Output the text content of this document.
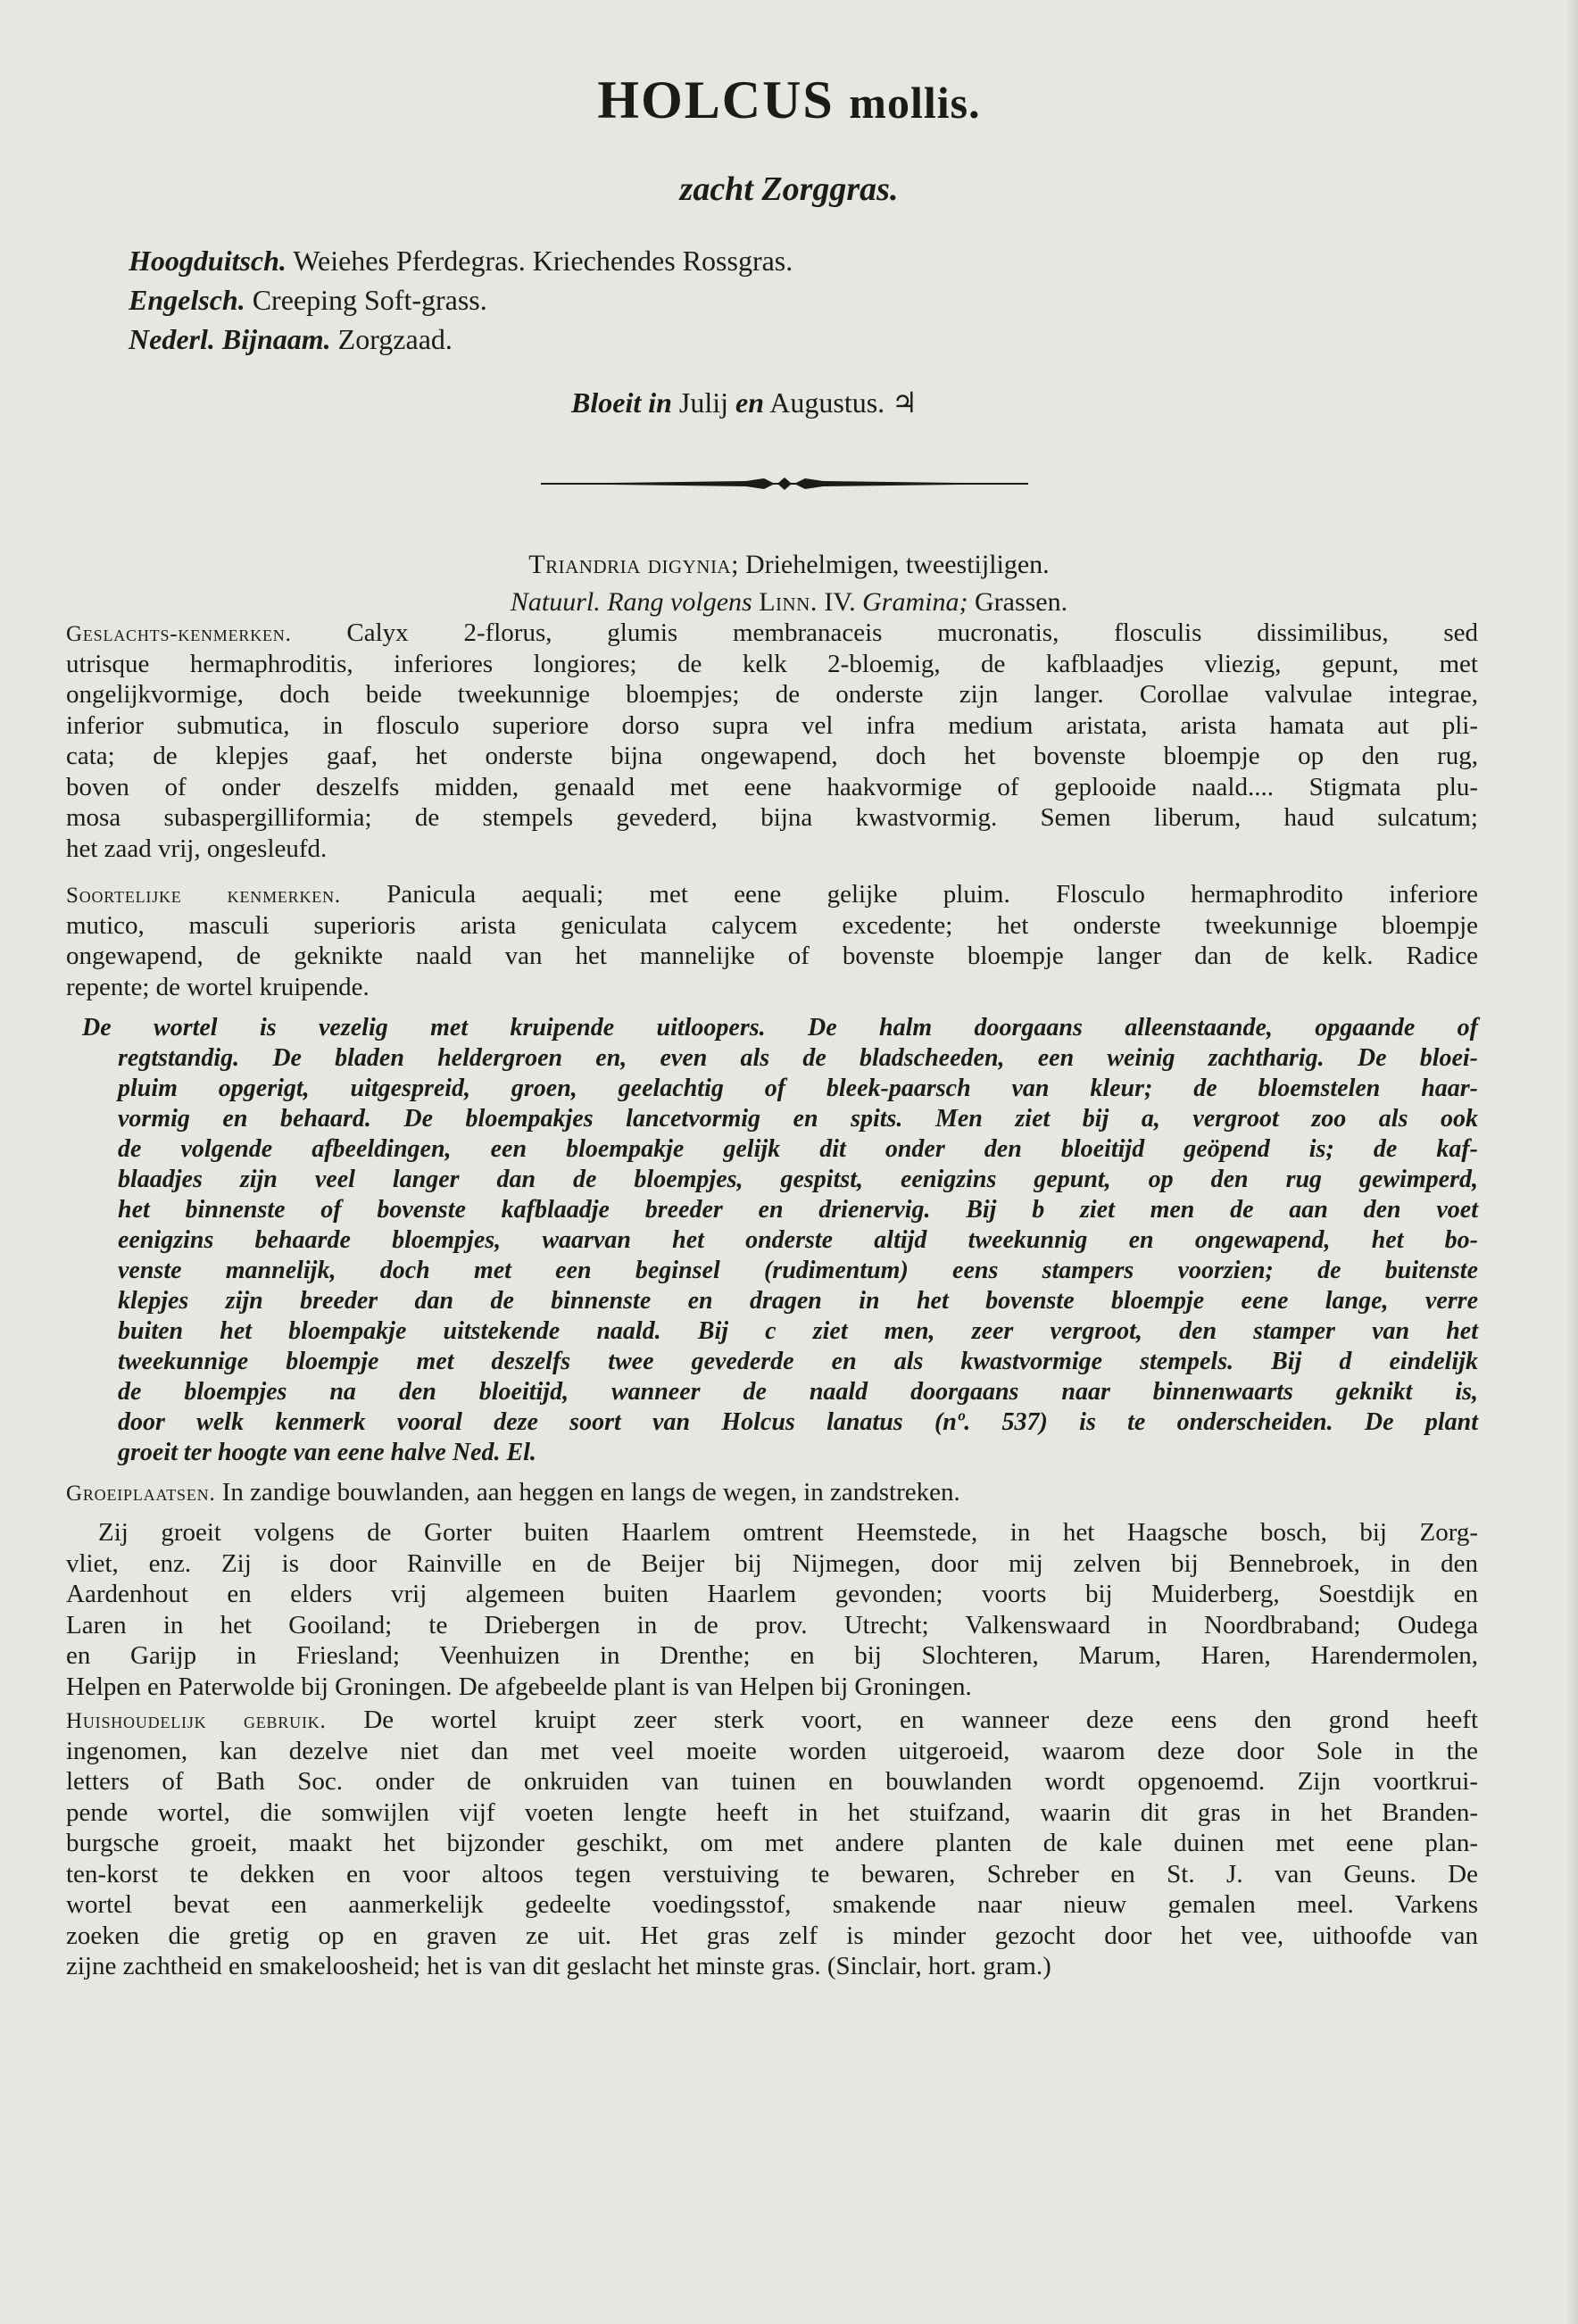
HOLCUS mollis.
zacht Zorggras.
Hoogduitsch. Weiehes Pferdegras. Kriechendes Rossgras.
Engelsch. Creeping Soft-grass.
Nederl. Bijnaam. Zorgzaad.
Bloeit in Julij en Augustus. ♃
Triandria digynia; Driehelmigen, tweestijligen.
Natuurl. Rang volgens Linn. IV. Gramina; Grassen.
Geslachts-kenmerken. Calyx 2-florus, glumis membranaceis mucronatis, flosculis dissimilibus, sed
utrisque hermaphroditis, inferiores longiores; de kelk 2-bloemig, de kafblaadjes vliezig, gepunt, met
ongelijkvormige, doch beide tweekunnige bloempjes; de onderste zijn langer. Corollae valvulae integrae,
inferior submutica, in flosculo superiore dorso supra vel infra medium aristata, arista hamata aut pli-
cata; de klepjes gaaf, het onderste bijna ongewapend, doch het bovenste bloempje op den rug,
boven of onder deszelfs midden, genaald met eene haakvormige of geplooide naald.... Stigmata plu-
mosa subaspergilliformia; de stempels gevederd, bijna kwastvormig. Semen liberum, haud sulcatum;
het zaad vrij, ongesleufd.
Soortelijke kenmerken. Panicula aequali; met eene gelijke pluim. Flosculo hermaphrodito inferiore
mutico, masculi superioris arista geniculata calycem excedente; het onderste tweekunnige bloempje
ongewapend, de geknikte naald van het mannelijke of bovenste bloempje langer dan de kelk. Radice
repente; de wortel kruipende.
De wortel is vezelig met kruipende uitloopers. De halm doorgaans alleenstaande, opgaande of
regtstandig. De bladen heldergroen en, even als de bladscheeden, een weinig zachtharig. De bloei-
pluim opgerigt, uitgespreid, groen, geelachtig of bleek-paarsch van kleur; de bloemstelen haar-
vormig en behaard. De bloempakjes lancetvormig en spits. Men ziet bij a, vergroot zoo als ook
de volgende afbeeldingen, een bloempakje gelijk dit onder den bloeitijd geöpend is; de kaf-
blaadjes zijn veel langer dan de bloempjes, gespitst, eenigzins gepunt, op den rug gewimperd,
het binnenste of bovenste kafblaadje breeder en drienervig. Bij b ziet men de aan den voet
eenigzins behaarde bloempjes, waarvan het onderste altijd tweekunnig en ongewapend, het bo-
venste mannelijk, doch met een beginsel (rudimentum) eens stampers voorzien; de buitenste
klepjes zijn breeder dan de binnenste en dragen in het bovenste bloempje eene lange, verre
buiten het bloempakje uitstekende naald. Bij c ziet men, zeer vergroot, den stamper van het
tweekunnige bloempje met deszelfs twee gevederde en als kwastvormige stempels. Bij d eindelijk
de bloempjes na den bloeitijd, wanneer de naald doorgaans naar binnenwaarts geknikt is,
door welk kenmerk vooral deze soort van Holcus lanatus (nº. 537) is te onderscheiden. De plant
groeit ter hoogte van eene halve Ned. El.
Groeiplaatsen. In zandige bouwlanden, aan heggen en langs de wegen, in zandstreken.
Zij groeit volgens de Gorter buiten Haarlem omtrent Heemstede, in het Haagsche bosch, bij Zorg-
vliet, enz. Zij is door Rainville en de Beijer bij Nijmegen, door mij zelven bij Bennebroek, in den
Aardenhout en elders vrij algemeen buiten Haarlem gevonden; voorts bij Muiderberg, Soestdijk en
Laren in het Gooiland; te Driebergen in de prov. Utrecht; Valkenswaard in Noordbraband; Oudega
en Garijp in Friesland; Veenhuizen in Drenthe; en bij Slochteren, Marum, Haren, Harendermolen,
Helpen en Paterwolde bij Groningen. De afgebeelde plant is van Helpen bij Groningen.
Huishoudelijk gebruik. De wortel kruipt zeer sterk voort, en wanneer deze eens den grond heeft
ingenomen, kan dezelve niet dan met veel moeite worden uitgeroeid, waarom deze door Sole in the
letters of Bath Soc. onder de onkruiden van tuinen en bouwlanden wordt opgenoemd. Zijn voortkrui-
pende wortel, die somwijlen vijf voeten lengte heeft in het stuifzand, waarin dit gras in het Branden-
burgsche groeit, maakt het bijzonder geschikt, om met andere planten de kale duinen met eene plan-
ten-korst te dekken en voor altoos tegen verstuiving te bewaren, Schreber en St. J. van Geuns. De
wortel bevat een aanmerkelijk gedeelte voedingsstof, smakende naar nieuw gemalen meel. Varkens
zoeken die gretig op en graven ze uit. Het gras zelf is minder gezocht door het vee, uithoofde van
zijne zachtheid en smakeloosheid; het is van dit geslacht het minste gras. (Sinclair, hort. gram.)
